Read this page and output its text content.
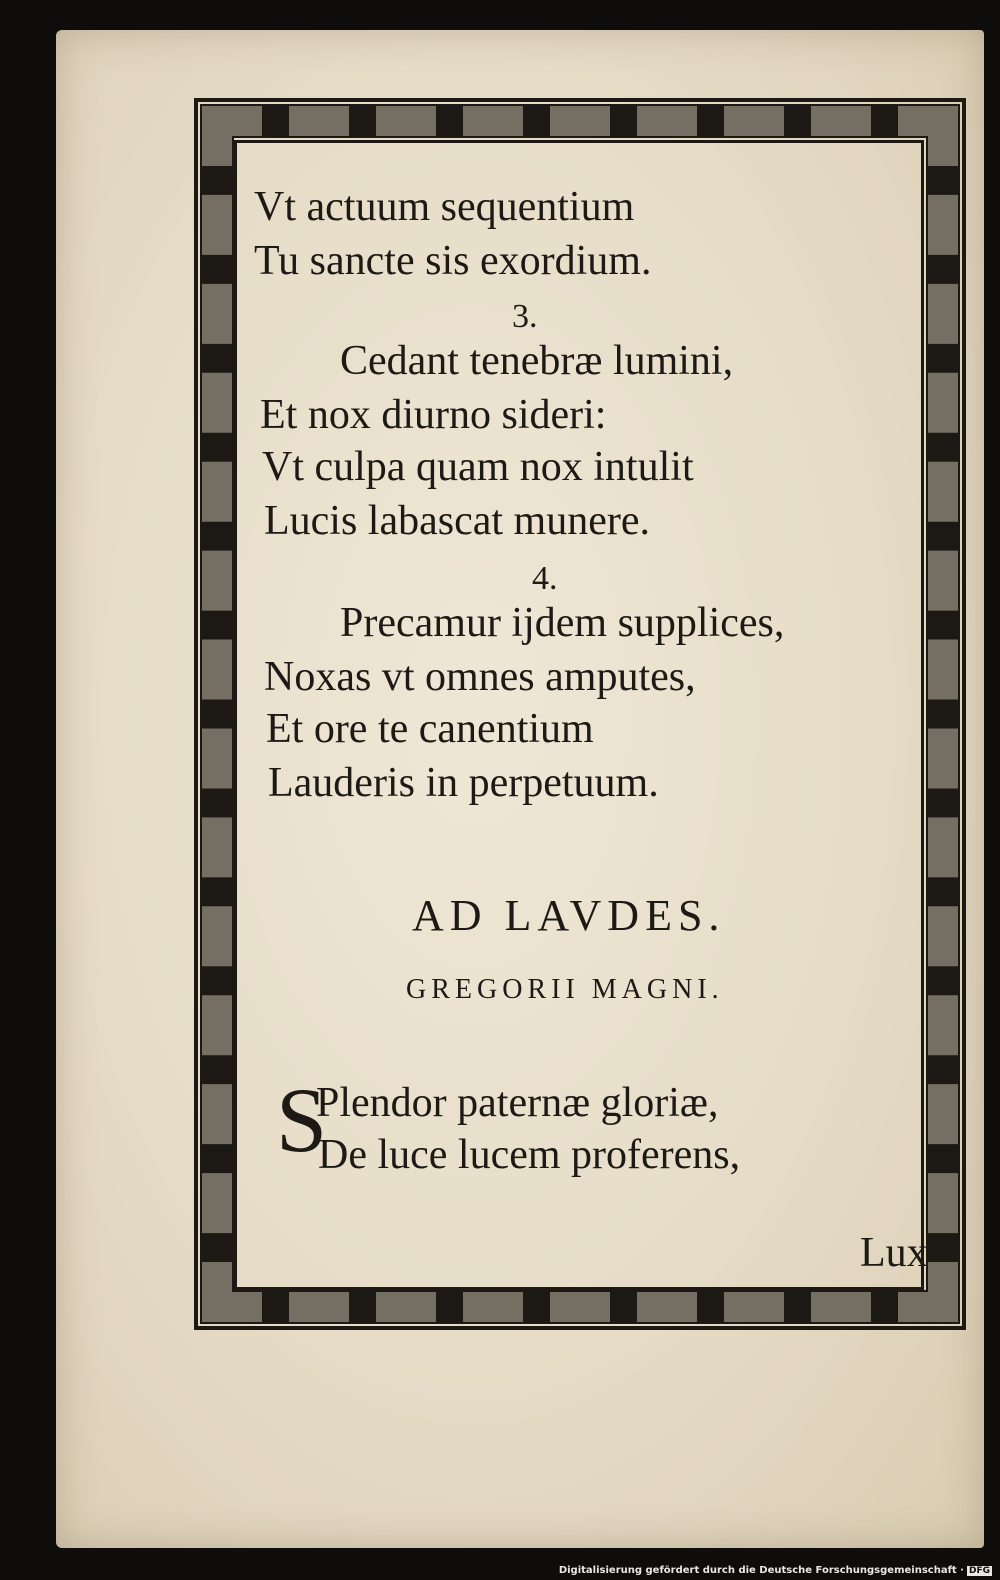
Vt actuum sequentium
Tu sancte sis exordium.
3.
Cedant tenebræ lumini,
Et nox diurno sideri:
Vt culpa quam nox intulit
Lucis labascat munere.
4.
Precamur ijdem supplices,
Noxas vt omnes amputes,
Et ore te canentium
Lauderis in perpetuum.
AD LAVDES.
GREGORII MAGNI.
S
Plendor paternæ gloriæ,
De luce lucem proferens,
Lux
Digitalisierung gefördert durch die Deutsche Forschungsgemeinschaft · DFG
